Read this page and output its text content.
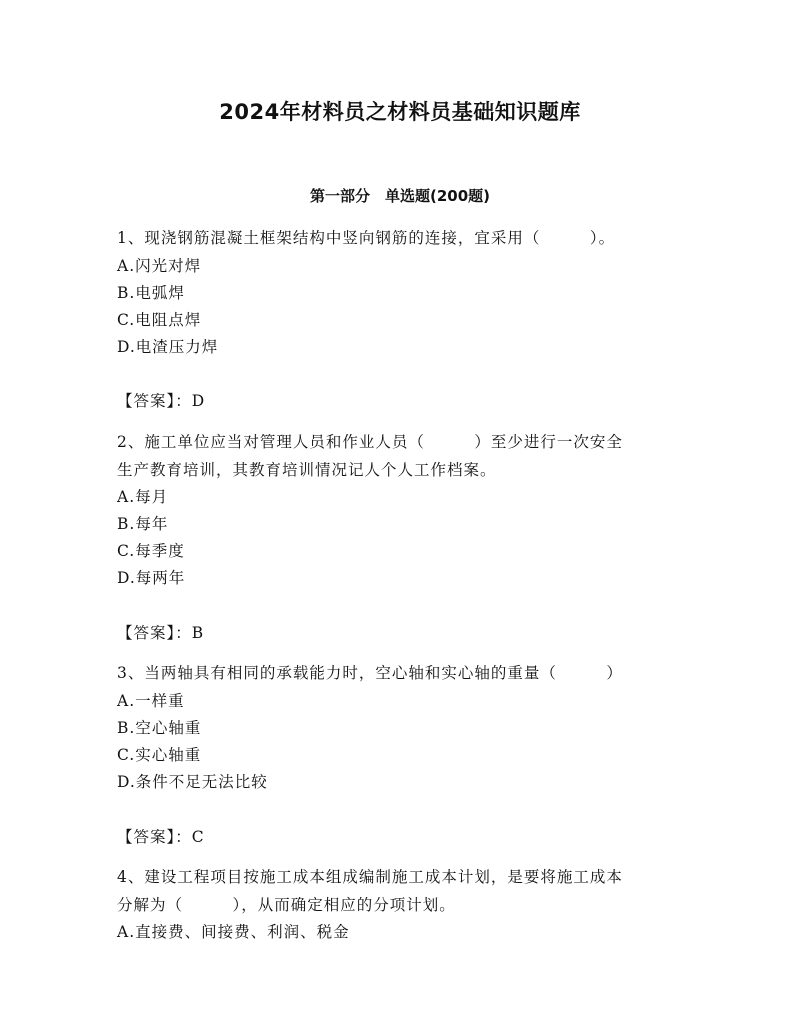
2024年材料员之材料员基础知识题库
第一部分　单选题(200题)
1、现浇钢筋混凝土框架结构中竖向钢筋的连接，宜采用（　　　）。
A.闪光对焊
B.电弧焊
C.电阻点焊
D.电渣压力焊
【答案】：D
2、施工单位应当对管理人员和作业人员（　　　）至少进行一次安全
生产教育培训，其教育培训情况记人个人工作档案。
A.每月
B.每年
C.每季度
D.每两年
【答案】：B
3、当两轴具有相同的承载能力时，空心轴和实心轴的重量（　　　）
A.一样重
B.空心轴重
C.实心轴重
D.条件不足无法比较
【答案】：C
4、建设工程项目按施工成本组成编制施工成本计划，是要将施工成本
分解为（　　　），从而确定相应的分项计划。
A.直接费、间接费、利润、税金
